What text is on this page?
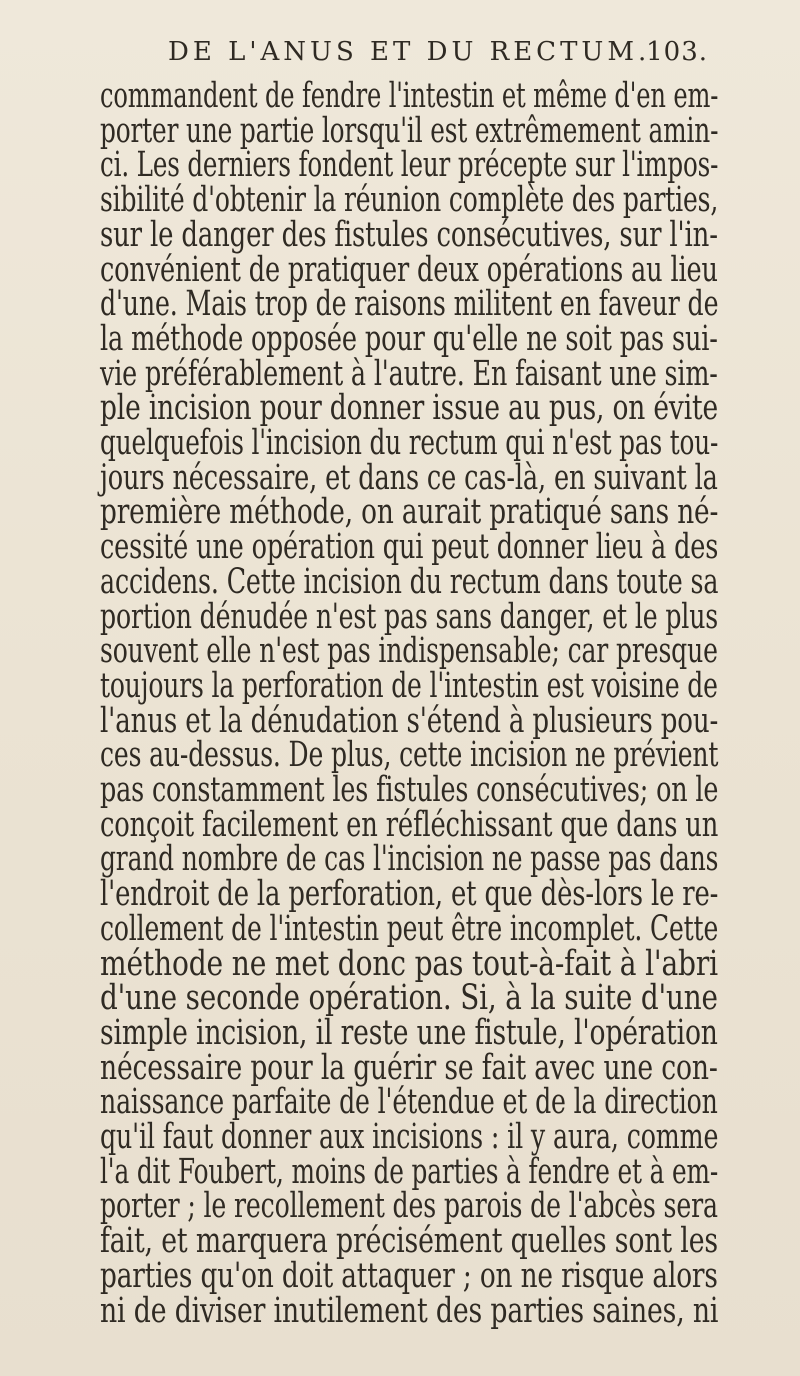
DE L'ANUS ET DU RECTUM.
103.
commandent de fendre l'intestin et même d'en em-
porter une partie lorsqu'il est extrêmement amin-
ci. Les derniers fondent leur précepte sur l'impos-
sibilité d'obtenir la réunion complète des parties,
sur le danger des fistules consécutives, sur l'in-
convénient de pratiquer deux opérations au lieu
d'une. Mais trop de raisons militent en faveur de
la méthode opposée pour qu'elle ne soit pas sui-
vie préférablement à l'autre. En faisant une sim-
ple incision pour donner issue au pus, on évite
quelquefois l'incision du rectum qui n'est pas tou-
jours nécessaire, et dans ce cas-là, en suivant la
première méthode, on aurait pratiqué sans né-
cessité une opération qui peut donner lieu à des
accidens. Cette incision du rectum dans toute sa
portion dénudée n'est pas sans danger, et le plus
souvent elle n'est pas indispensable; car presque
toujours la perforation de l'intestin est voisine de
l'anus et la dénudation s'étend à plusieurs pou-
ces au-dessus. De plus, cette incision ne prévient
pas constamment les fistules consécutives; on le
conçoit facilement en réfléchissant que dans un
grand nombre de cas l'incision ne passe pas dans
l'endroit de la perforation, et que dès-lors le re-
collement de l'intestin peut être incomplet. Cette
méthode ne met donc pas tout-à-fait à l'abri
d'une seconde opération. Si, à la suite d'une
simple incision, il reste une fistule, l'opération
nécessaire pour la guérir se fait avec une con-
naissance parfaite de l'étendue et de la direction
qu'il faut donner aux incisions : il y aura, comme
l'a dit Foubert, moins de parties à fendre et à em-
porter ; le recollement des parois de l'abcès sera
fait, et marquera précisément quelles sont les
parties qu'on doit attaquer ; on ne risque alors
ni de diviser inutilement des parties saines, ni
